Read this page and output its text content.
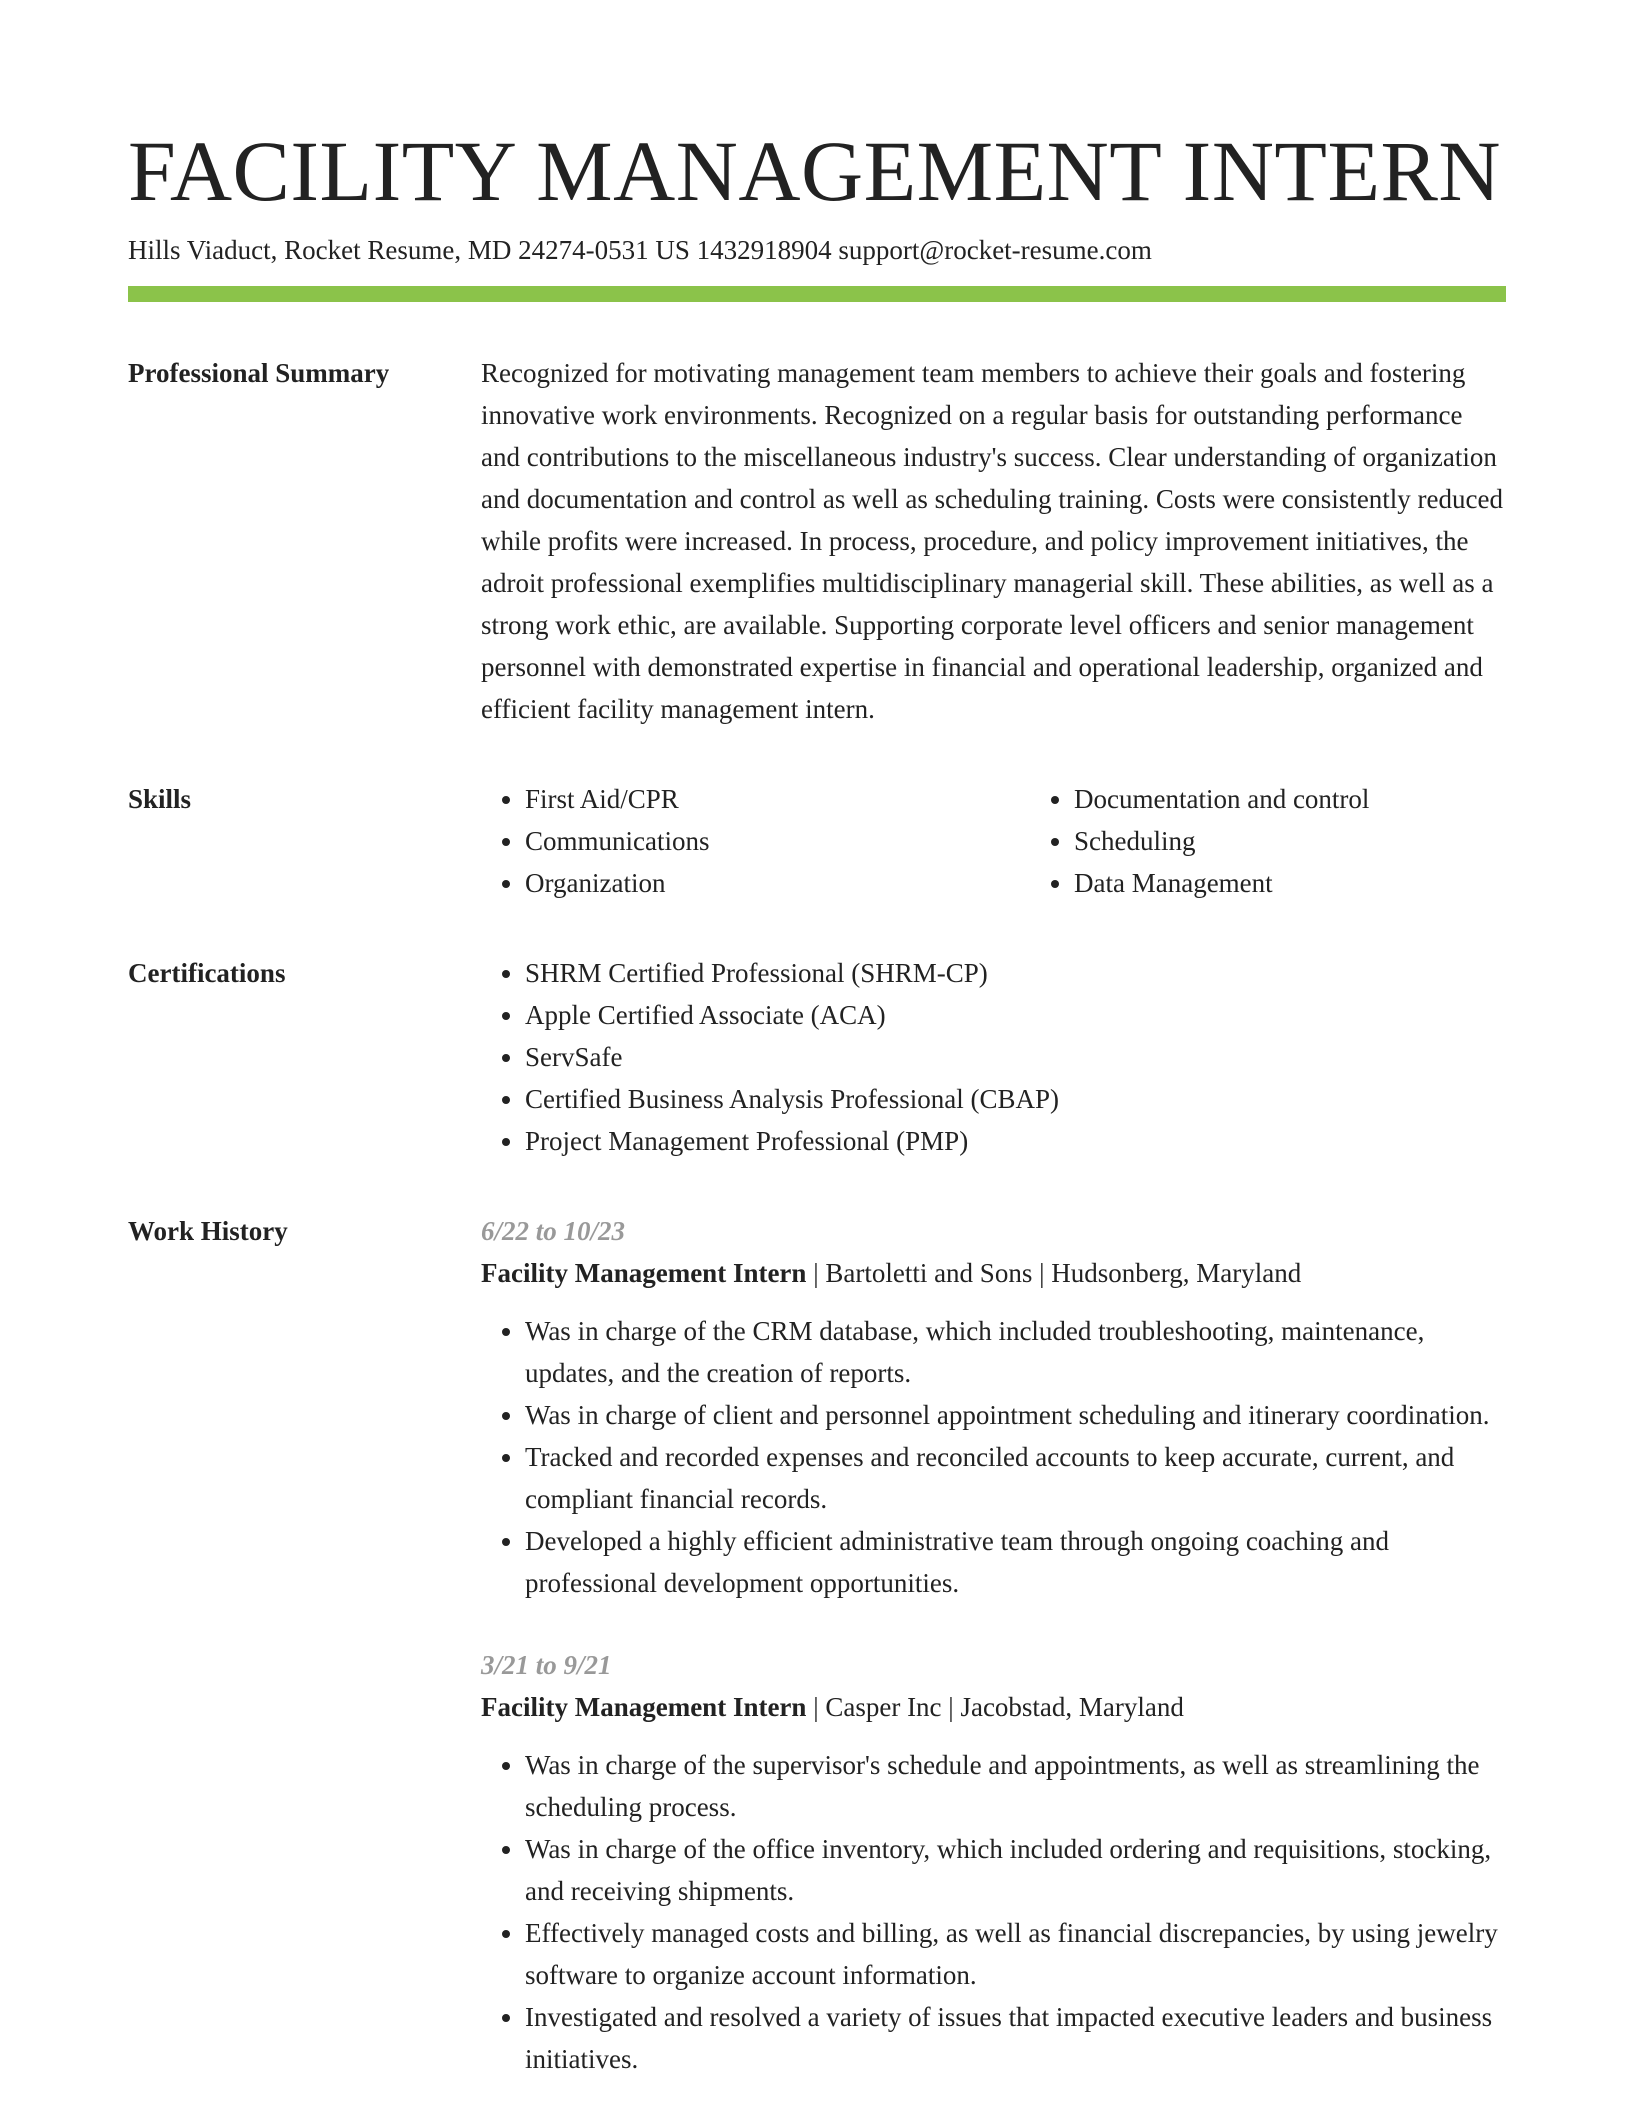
FACILITY MANAGEMENT INTERN
Hills Viaduct, Rocket Resume, MD 24274-0531 US 1432918904 support@rocket-resume.com
Professional Summary	Recognized for motivating management team members to achieve their goals and fostering innovative work environments. Recognized on a regular basis for outstanding performance and contributions to the miscellaneous industry's success. Clear understanding of organization and documentation and control as well as scheduling training. Costs were consistently reduced while profits were increased. In process, procedure, and policy improvement initiatives, the adroit professional exemplifies multidisciplinary managerial skill. These abilities, as well as a strong work ethic, are available. Supporting corporate level officers and senior management personnel with demonstrated expertise in financial and operational leadership, organized and efficient facility management intern.

Skills	• First Aid/CPR
• Communications
• Organization
• Documentation and control
• Scheduling
• Data Management
Certifications	• SHRM Certified Professional (SHRM-CP)
• Apple Certified Associate (ACA)
• ServSafe
• Certified Business Analysis Professional (CBAP)
• Project Management Professional (PMP)
Work History	6/22 to 10/23
Facility Management Intern | Bartoletti and Sons | Hudsonberg, Maryland
• Was in charge of the CRM database, which included troubleshooting, maintenance, updates, and the creation of reports.
• Was in charge of client and personnel appointment scheduling and itinerary coordination.
• Tracked and recorded expenses and reconciled accounts to keep accurate, current, and compliant financial records.
• Developed a highly efficient administrative team through ongoing coaching and professional development opportunities.
3/21 to 9/21
Facility Management Intern | Casper Inc | Jacobstad, Maryland
• Was in charge of the supervisor's schedule and appointments, as well as streamlining the scheduling process.
• Was in charge of the office inventory, which included ordering and requisitions, stocking, and receiving shipments.
• Effectively managed costs and billing, as well as financial discrepancies, by using jewelry software to organize account information.
• Investigated and resolved a variety of issues that impacted executive leaders and business initiatives.
